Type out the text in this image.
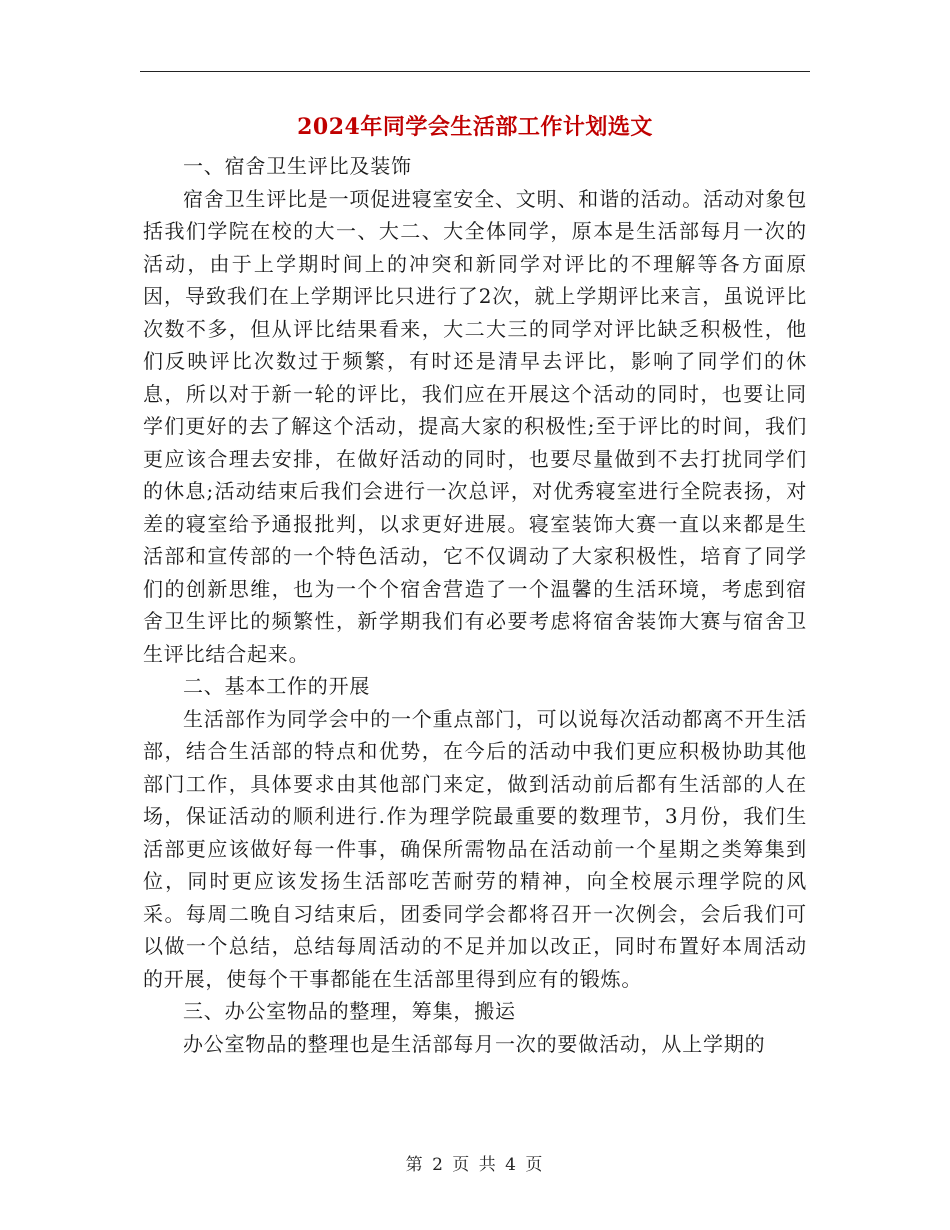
2024年同学会生活部工作计划选文

一、宿舍卫生评比及装饰

宿舍卫生评比是一项促进寝室安全、文明、和谐的活动。活动对象包括我们学院在校的大一、大二、大全体同学，原本是生活部每月一次的活动，由于上学期时间上的冲突和新同学对评比的不理解等各方面原因，导致我们在上学期评比只进行了2次，就上学期评比来言，虽说评比次数不多，但从评比结果看来，大二大三的同学对评比缺乏积极性，他们反映评比次数过于频繁，有时还是清早去评比，影响了同学们的休息，所以对于新一轮的评比，我们应在开展这个活动的同时，也要让同学们更好的去了解这个活动，提高大家的积极性;至于评比的时间，我们更应该合理去安排，在做好活动的同时，也要尽量做到不去打扰同学们的休息;活动结束后我们会进行一次总评，对优秀寝室进行全院表扬，对差的寝室给予通报批判，以求更好进展。寝室装饰大赛一直以来都是生活部和宣传部的一个特色活动，它不仅调动了大家积极性，培育了同学们的创新思维，也为一个个宿舍营造了一个温馨的生活环境，考虑到宿舍卫生评比的频繁性，新学期我们有必要考虑将宿舍装饰大赛与宿舍卫生评比结合起来。

二、基本工作的开展

生活部作为同学会中的一个重点部门，可以说每次活动都离不开生活部，结合生活部的特点和优势，在今后的活动中我们更应积极协助其他部门工作，具体要求由其他部门来定，做到活动前后都有生活部的人在场，保证活动的顺利进行.作为理学院最重要的数理节，3月份，我们生活部更应该做好每一件事，确保所需物品在活动前一个星期之类筹集到位，同时更应该发扬生活部吃苦耐劳的精神，向全校展示理学院的风采。每周二晚自习结束后，团委同学会都将召开一次例会，会后我们可以做一个总结，总结每周活动的不足并加以改正，同时布置好本周活动的开展，使每个干事都能在生活部里得到应有的锻炼。

三、办公室物品的整理，筹集，搬运

办公室物品的整理也是生活部每月一次的要做活动，从上学期的

第 2 页 共 4 页
